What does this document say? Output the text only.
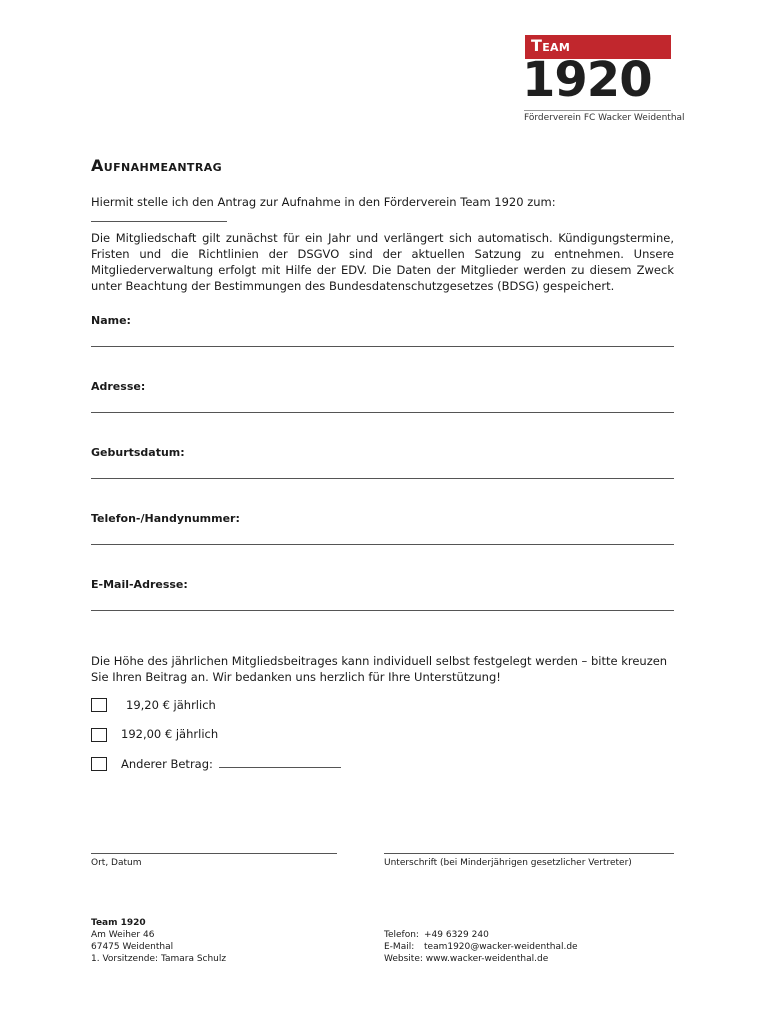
Team
1920
Förderverein FC Wacker Weidenthal
Aufnahmeantrag
Hiermit stelle ich den Antrag zur Aufnahme in den Förderverein Team 1920 zum:
Die Mitgliedschaft gilt zunächst für ein Jahr und verlängert sich automatisch. Kündigungstermine, Fristen und die Richtlinien der DSGVO sind der aktuellen Satzung zu entnehmen. Unsere Mitgliederverwaltung erfolgt mit Hilfe der EDV. Die Daten der Mitglieder werden zu diesem Zweck unter Beachtung der Bestimmungen des Bundesdatenschutzgesetzes (BDSG) gespeichert.
Name:
Adresse:
Geburtsdatum:
Telefon-/Handynummer:
E-Mail-Adresse:
Die Höhe des jährlichen Mitgliedsbeitrages kann individuell selbst festgelegt werden – bitte kreuzen Sie Ihren Beitrag an. Wir bedanken uns herzlich für Ihre Unterstützung!
19,20 € jährlich
192,00 € jährlich
Anderer Betrag:
Ort, Datum	Unterschrift (bei Minderjährigen gesetzlicher Vertreter)
Team 1920
Am Weiher 46
67475 Weidenthal
1. Vorsitzende: Tamara Schulz
Telefon: +49 6329 240
E-Mail:	team1920@wacker-weidenthal.de
Website: www.wacker-weidenthal.de
